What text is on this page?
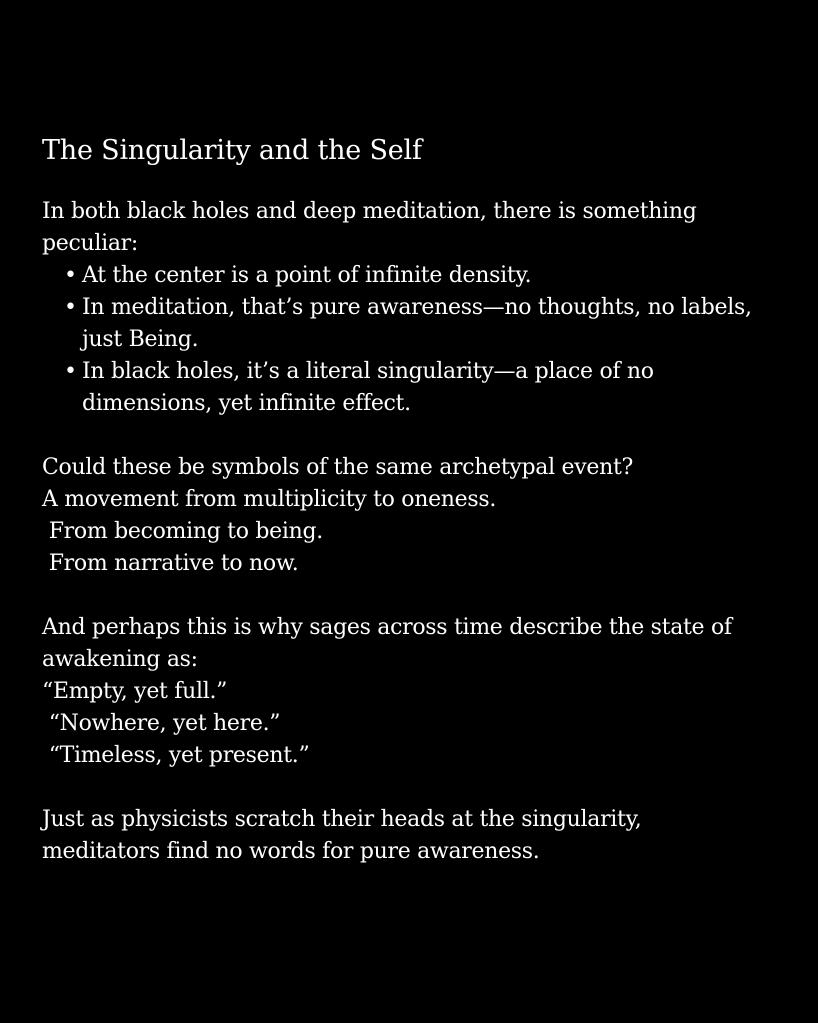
The Singularity and the Self

In both black holes and deep meditation, there is something peculiar:

• At the center is a point of infinite density.
• In meditation, that’s pure awareness—no thoughts, no labels, just Being.
• In black holes, it’s a literal singularity—a place of no dimensions, yet infinite effect.
Could these be symbols of the same archetypal event?
A movement from multiplicity to oneness.
From becoming to being.
From narrative to now.

And perhaps this is why sages across time describe the state of awakening as:

“Empty, yet full.”
“Nowhere, yet here.”
“Timeless, yet present.”

Just as physicists scratch their heads at the singularity, meditators find no words for pure awareness.
